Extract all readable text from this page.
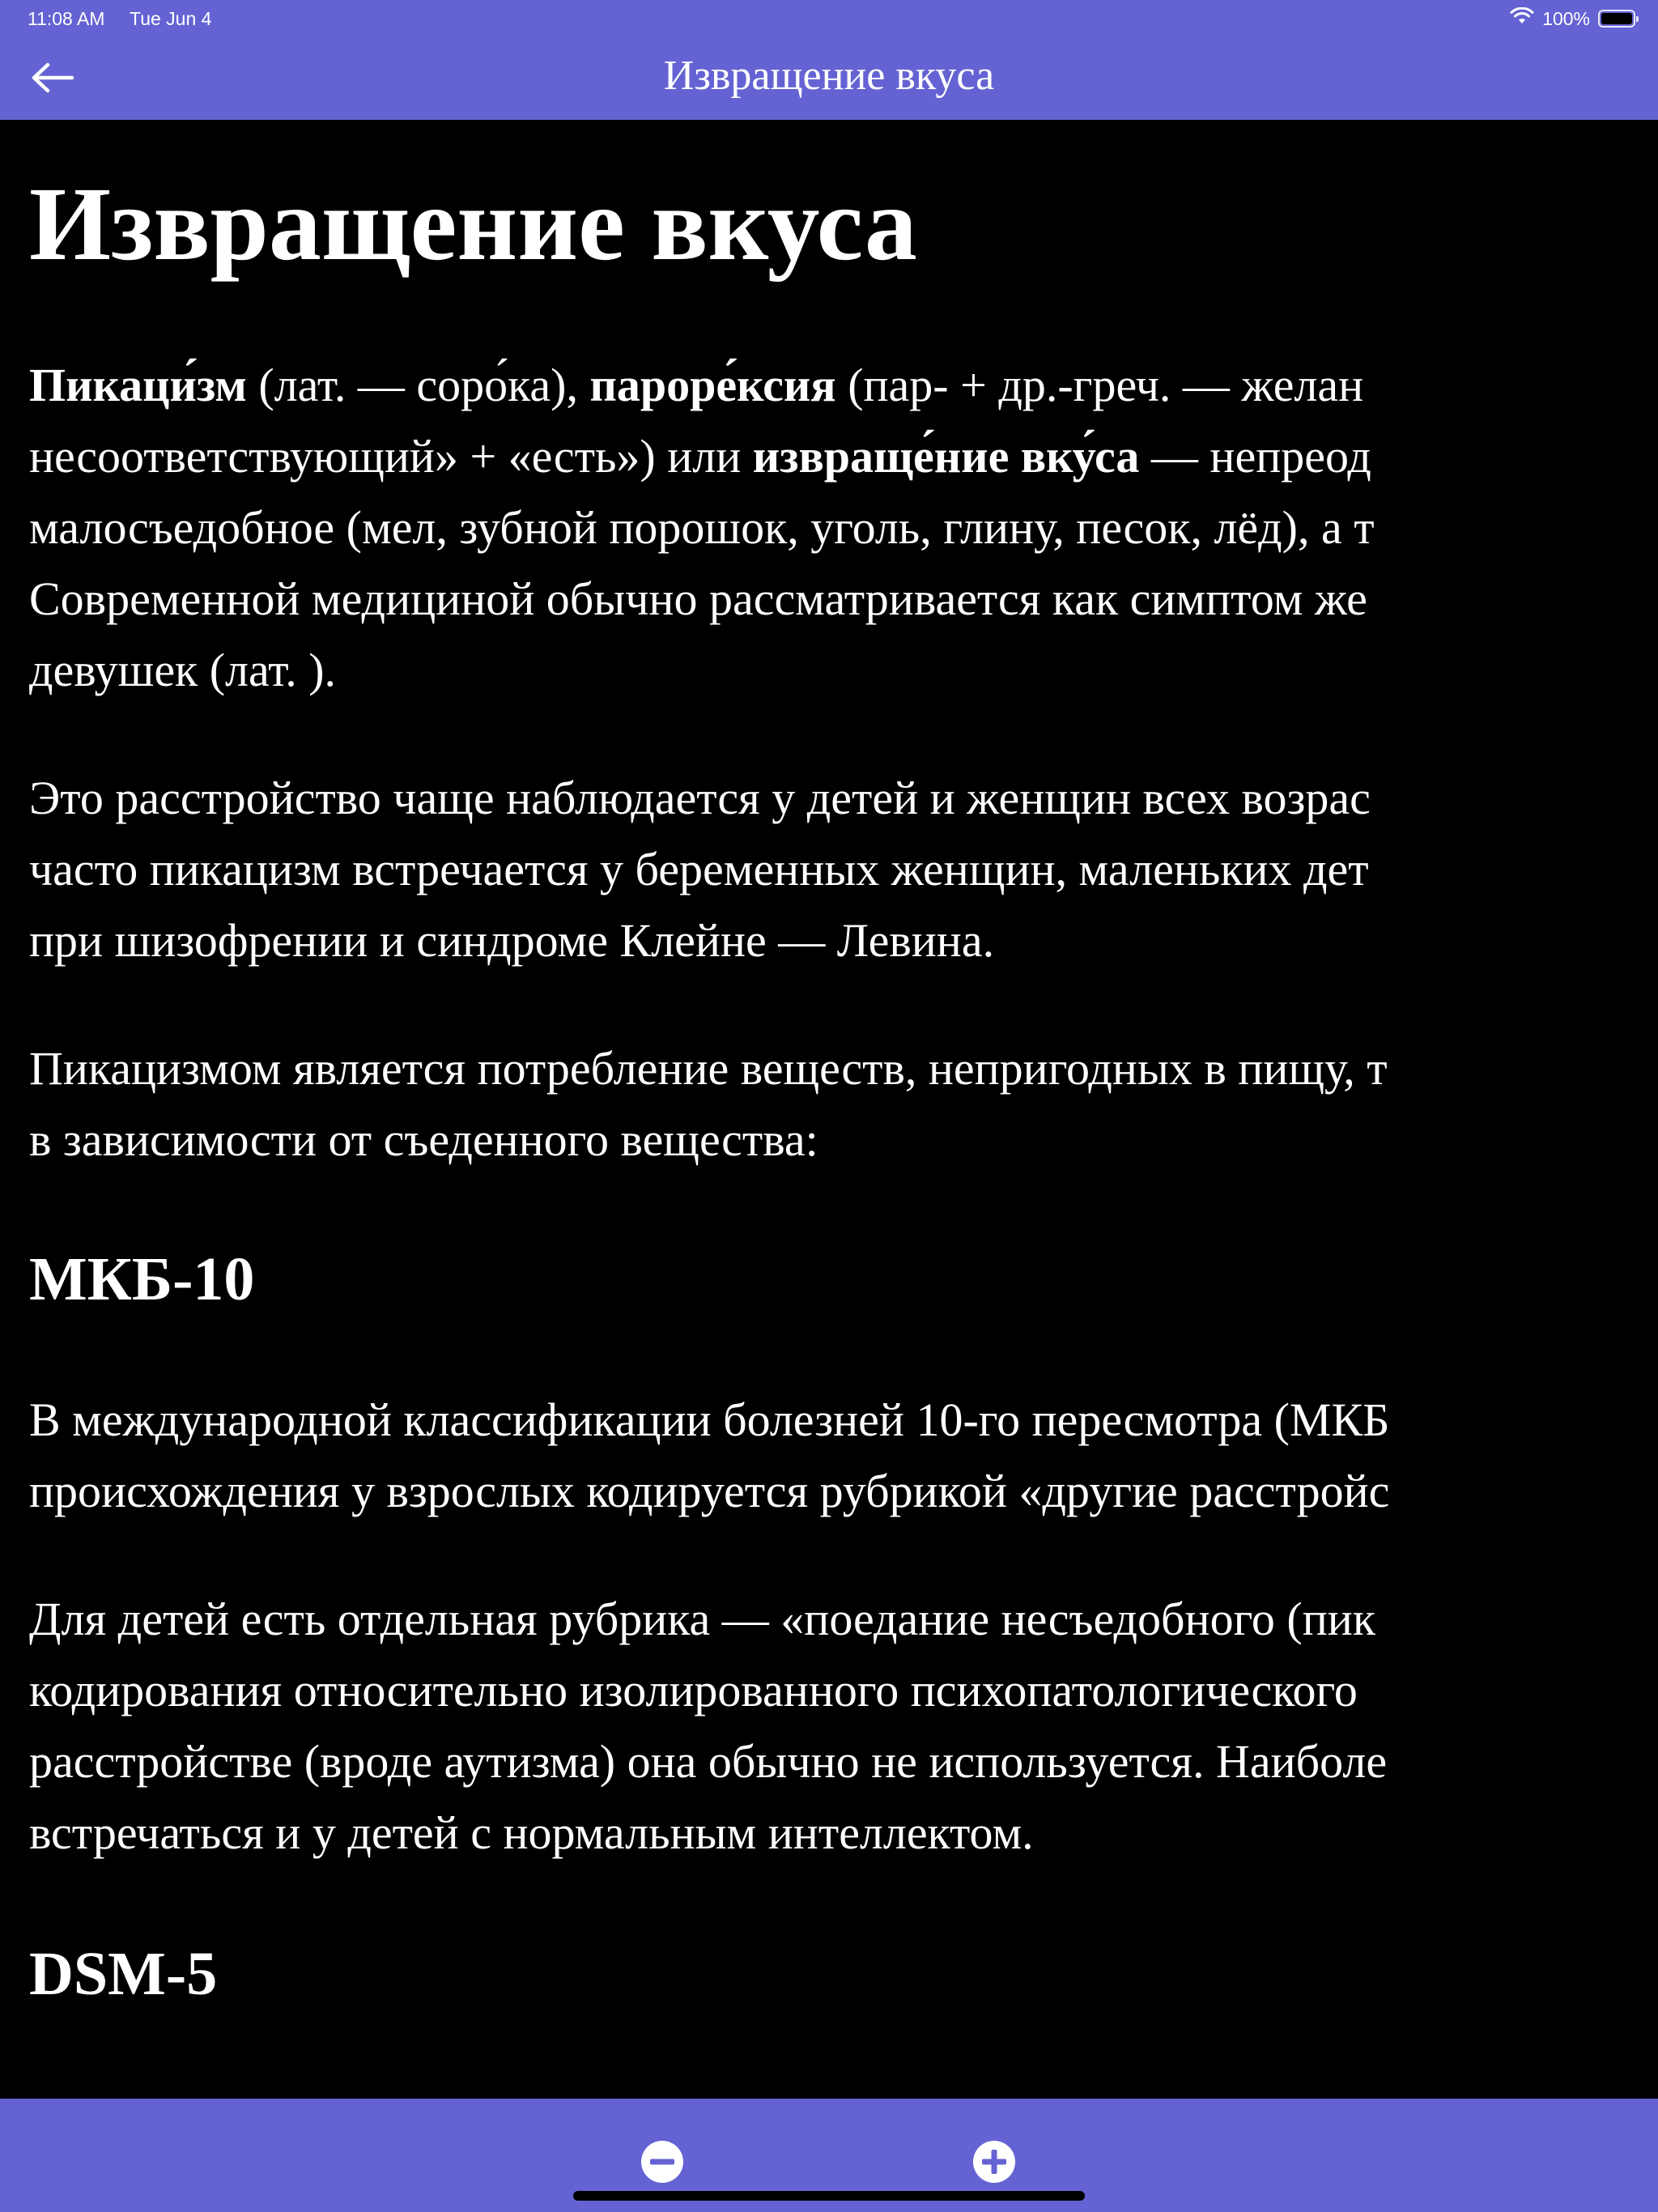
11:08 AM Tue Jun 4	100%
Извращение вкуса
Извращение вкуса
Пикаци́зм (лат. — соро́ка), пароре́ксия (пар- + др.-греч. — желан
несоответствующий» + «есть») или извраще́ние вку́са — непреод
малосъедобное (мел, зубной порошок, уголь, глину, песок, лёд), а т
Современной медициной обычно рассматривается как симптом же
девушек (лат. ).
Это расстройство чаще наблюдается у детей и женщин всех возрас
часто пикацизм встречается у беременных женщин, маленьких дет
при шизофрении и синдроме Клейне — Левина.
Пикацизмом является потребление веществ, непригодных в пищу, т
в зависимости от съеденного вещества:
МКБ-10
В международной классификации болезней 10-го пересмотра (МКБ
происхождения у взрослых кодируется рубрикой «другие расстройс
Для детей есть отдельная рубрика — «поедание несъедобного (пик
кодирования относительно изолированного психопатологического
расстройстве (вроде аутизма) она обычно не используется. Наиболе
встречаться и у детей с нормальным интеллектом.
DSM-5
